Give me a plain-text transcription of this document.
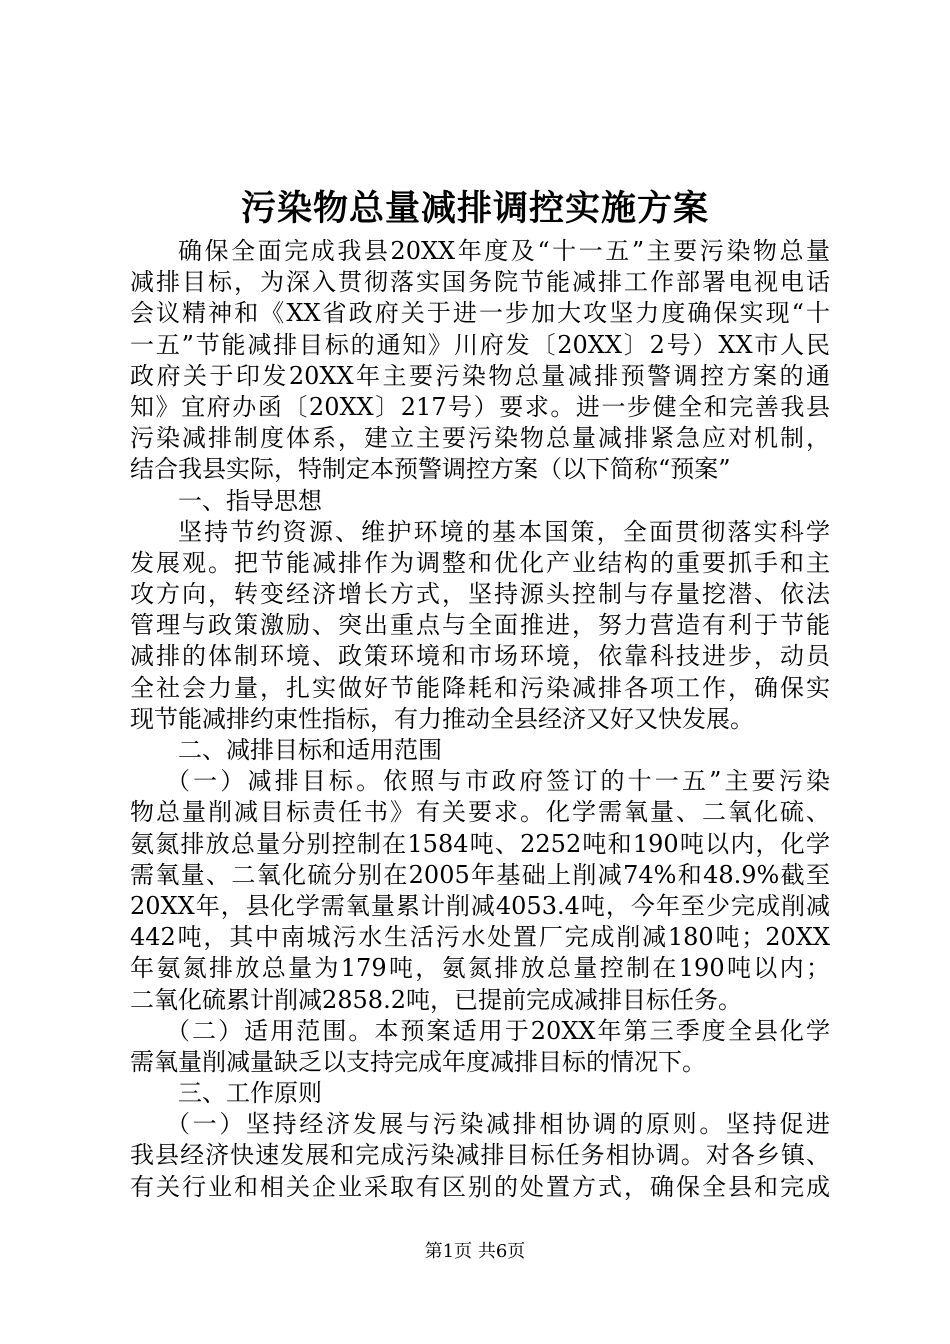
污染物总量减排调控实施方案
确保全面完成我县20XX年度及“十一五”主要污染物总量
减排目标，为深入贯彻落实国务院节能减排工作部署电视电话
会议精神和《XX省政府关于进一步加大攻坚力度确保实现“十
一五”节能减排目标的通知》川府发〔20XX〕2号）XX市人民
政府关于印发20XX年主要污染物总量减排预警调控方案的通
知》宜府办函〔20XX〕217号）要求。进一步健全和完善我县
污染减排制度体系，建立主要污染物总量减排紧急应对机制，
结合我县实际，特制定本预警调控方案（以下简称“预案”
一、指导思想
坚持节约资源、维护环境的基本国策，全面贯彻落实科学
发展观。把节能减排作为调整和优化产业结构的重要抓手和主
攻方向，转变经济增长方式，坚持源头控制与存量挖潜、依法
管理与政策激励、突出重点与全面推进，努力营造有利于节能
减排的体制环境、政策环境和市场环境，依靠科技进步，动员
全社会力量，扎实做好节能降耗和污染减排各项工作，确保实
现节能减排约束性指标，有力推动全县经济又好又快发展。
二、减排目标和适用范围
（一）减排目标。依照与市政府签订的十一五”主要污染
物总量削减目标责任书》有关要求。化学需氧量、二氧化硫、
氨氮排放总量分别控制在1584吨、2252吨和190吨以内，化学
需氧量、二氧化硫分别在2005年基础上削减74%和48.9%截至
20XX年，县化学需氧量累计削减4053.4吨，今年至少完成削减
442吨，其中南城污水生活污水处置厂完成削减180吨；20XX
年氨氮排放总量为179吨，氨氮排放总量控制在190吨以内；
二氧化硫累计削减2858.2吨，已提前完成减排目标任务。
（二）适用范围。本预案适用于20XX年第三季度全县化学
需氧量削减量缺乏以支持完成年度减排目标的情况下。
三、工作原则
（一）坚持经济发展与污染减排相协调的原则。坚持促进
我县经济快速发展和完成污染减排目标任务相协调。对各乡镇、
有关行业和相关企业采取有区别的处置方式，确保全县和完成
第1页 共6页
